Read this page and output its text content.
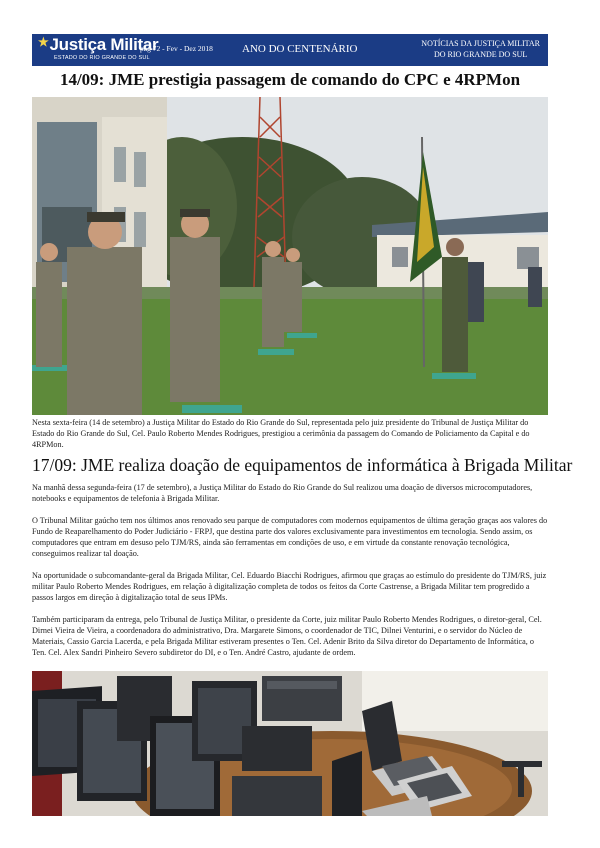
★Justiça Militar
ESTADO DO RIO GRANDE DO SUL
pág 72 - Fev - Dez 2018	ANO DO CENTENÁRIO	NOTÍCIAS DA JUSTIÇA MILITAR
DO RIO GRANDE DO SUL
14/09: JME prestigia passagem de comando do CPC e 4RPMon
Nesta sexta-feira (14 de setembro) a Justiça Militar do Estado do Rio Grande do Sul, representada pelo juiz presidente do Tribunal de Justiça Militar do Estado do Rio Grande do Sul, Cel. Paulo Roberto Mendes Rodrigues, prestigiou a cerimônia da passagem do Comando de Policiamento da Capital e do 4RPMon.
17/09: JME realiza doação de equipamentos de informática à Brigada Militar

Na manhã dessa segunda-feira (17 de setembro), a Justiça Militar do Estado do Rio Grande do Sul realizou uma doação de diversos microcomputadores, notebooks e equipamentos de telefonia à Brigada Militar.

O Tribunal Militar gaúcho tem nos últimos anos renovado seu parque de computadores com modernos equipamentos de última geração graças aos valores do Fundo de Reaparelhamento do Poder Judiciário - FRPJ, que destina parte dos valores exclusivamente para investimentos em tecnologia. Sendo assim, os computadores que entram em desuso pelo TJM/RS, ainda são ferramentas em condições de uso, e em virtude da constante renovação tecnológica, conseguimos realizar tal doação.

Na oportunidade o subcomandante-geral da Brigada Militar, Cel. Eduardo Biacchi Rodrigues, afirmou que graças ao estímulo do presidente do TJM/RS, juiz militar Paulo Roberto Mendes Rodrigues, em relação à digitalização completa de todos os feitos da Corte Castrense, a Brigada Militar tem progredido a passos largos em direção à digitalização total de seus IPMs.

Também participaram da entrega, pelo Tribunal de Justiça Militar, o presidente da Corte, juiz militar Paulo Roberto Mendes Rodrigues, o diretor-geral, Cel. Dirnei Vieira de Vieira, a coordenadora do administrativo, Dra. Margarete Simons, o coordenador de TIC, Dilnei Venturini, e o servidor do Núcleo de Materiais, Cassio Garcia Lacerda, e pela Brigada Militar estiveram presentes o Ten. Cel. Adenir Brito da Silva diretor do Departamento de Informática, o Ten. Cel. Alex Sandri Pinheiro Severo subdiretor do DI, e o Ten. André Castro, ajudante de ordem.
